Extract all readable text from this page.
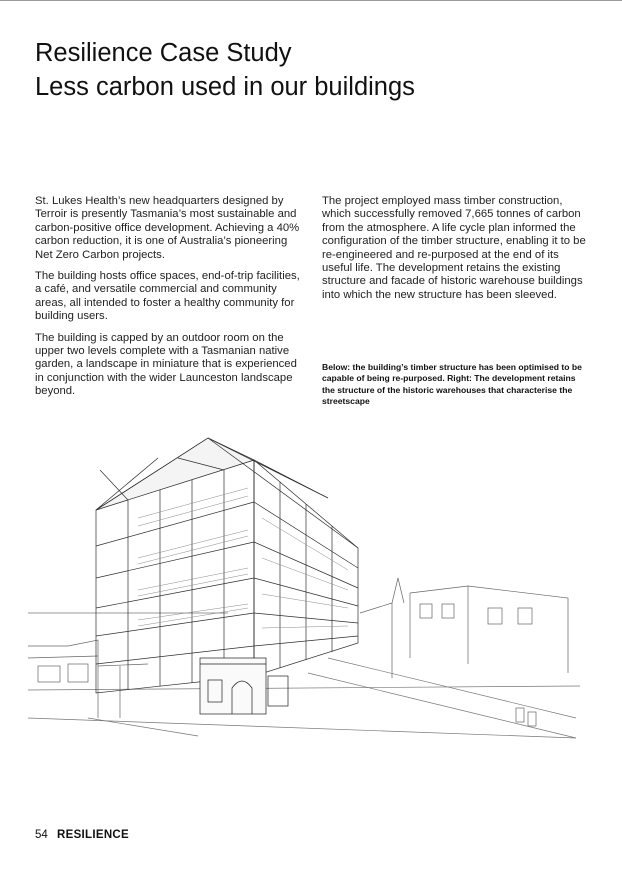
Resilience Case Study
Less carbon used in our buildings

St. Lukes Health’s new headquarters designed by Terroir is presently Tasmania’s most sustainable and carbon-positive office development. Achieving a 40% carbon reduction, it is one of Australia’s pioneering Net Zero Carbon projects.

The building hosts office spaces, end-of-trip facilities, a café, and versatile commercial and community areas, all intended to foster a healthy community for building users.

The building is capped by an outdoor room on the upper two levels complete with a Tasmanian native garden, a landscape in miniature that is experienced in conjunction with the wider Launceston landscape beyond.

The project employed mass timber construction, which successfully removed 7,665 tonnes of carbon from the atmosphere. A life cycle plan informed the configuration of the timber structure, enabling it to be re-engineered and re-purposed at the end of its useful life. The development retains the existing structure and facade of historic warehouse buildings into which the new structure has been sleeved.

Below: the building’s timber structure has been optimised to be capable of being re-purposed. Right: The development retains the structure of the historic warehouses that characterise the streetscape
54 RESILIENCE
